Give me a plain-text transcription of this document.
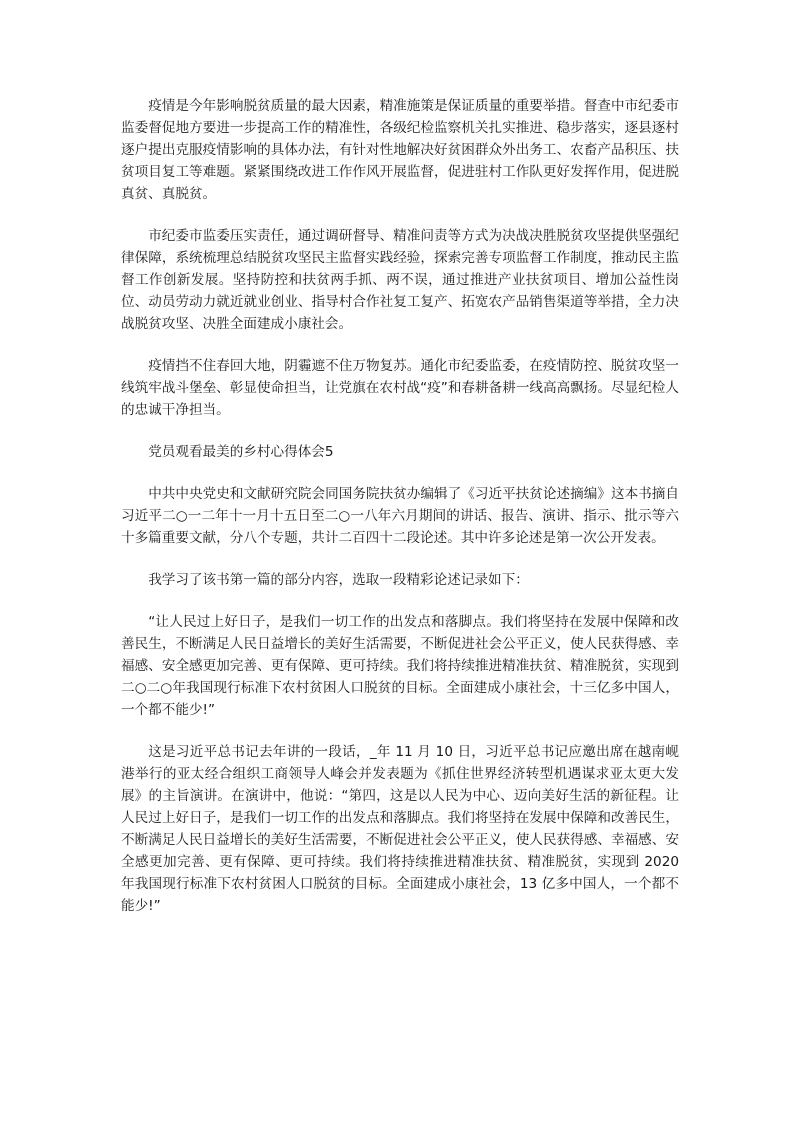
疫情是今年影响脱贫质量的最大因素，精准施策是保证质量的重要举措。督查中市纪委市监委督促地方要进一步提高工作的精准性，各级纪检监察机关扎实推进、稳步落实，逐县逐村逐户提出克服疫情影响的具体办法，有针对性地解决好贫困群众外出务工、农畜产品积压、扶贫项目复工等难题。紧紧围绕改进工作作风开展监督，促进驻村工作队更好发挥作用，促进脱真贫、真脱贫。

市纪委市监委压实责任，通过调研督导、精准问责等方式为决战决胜脱贫攻坚提供坚强纪律保障，系统梳理总结脱贫攻坚民主监督实践经验，探索完善专项监督工作制度，推动民主监督工作创新发展。坚持防控和扶贫两手抓、两不误，通过推进产业扶贫项目、增加公益性岗位、动员劳动力就近就业创业、指导村合作社复工复产、拓宽农产品销售渠道等举措，全力决战脱贫攻坚、决胜全面建成小康社会。

疫情挡不住春回大地，阴霾遮不住万物复苏。通化市纪委监委，在疫情防控、脱贫攻坚一线筑牢战斗堡垒、彰显使命担当，让党旗在农村战“疫”和春耕备耕一线高高飘扬。尽显纪检人的忠诚干净担当。

党员观看最美的乡村心得体会5

中共中央党史和文献研究院会同国务院扶贫办编辑了《习近平扶贫论述摘编》这本书摘自习近平二○一二年十一月十五日至二○一八年六月期间的讲话、报告、演讲、指示、批示等六十多篇重要文献，分八个专题，共计二百四十二段论述。其中许多论述是第一次公开发表。

我学习了该书第一篇的部分内容，选取一段精彩论述记录如下：

“让人民过上好日子，是我们一切工作的出发点和落脚点。我们将坚持在发展中保障和改善民生，不断满足人民日益增长的美好生活需要，不断促进社会公平正义，使人民获得感、幸福感、安全感更加完善、更有保障、更可持续。我们将持续推进精准扶贫、精准脱贫，实现到二○二○年我国现行标准下农村贫困人口脱贫的目标。全面建成小康社会，十三亿多中国人，一个都不能少!”

这是习近平总书记去年讲的一段话，_年 11 月 10 日，习近平总书记应邀出席在越南岘港举行的亚太经合组织工商领导人峰会并发表题为《抓住世界经济转型机遇谋求亚太更大发展》的主旨演讲。在演讲中，他说：“第四，这是以人民为中心、迈向美好生活的新征程。让人民过上好日子，是我们一切工作的出发点和落脚点。我们将坚持在发展中保障和改善民生，不断满足人民日益增长的美好生活需要，不断促进社会公平正义，使人民获得感、幸福感、安全感更加完善、更有保障、更可持续。我们将持续推进精准扶贫、精准脱贫，实现到 2020 年我国现行标准下农村贫困人口脱贫的目标。全面建成小康社会，13 亿多中国人，一个都不能少!”
